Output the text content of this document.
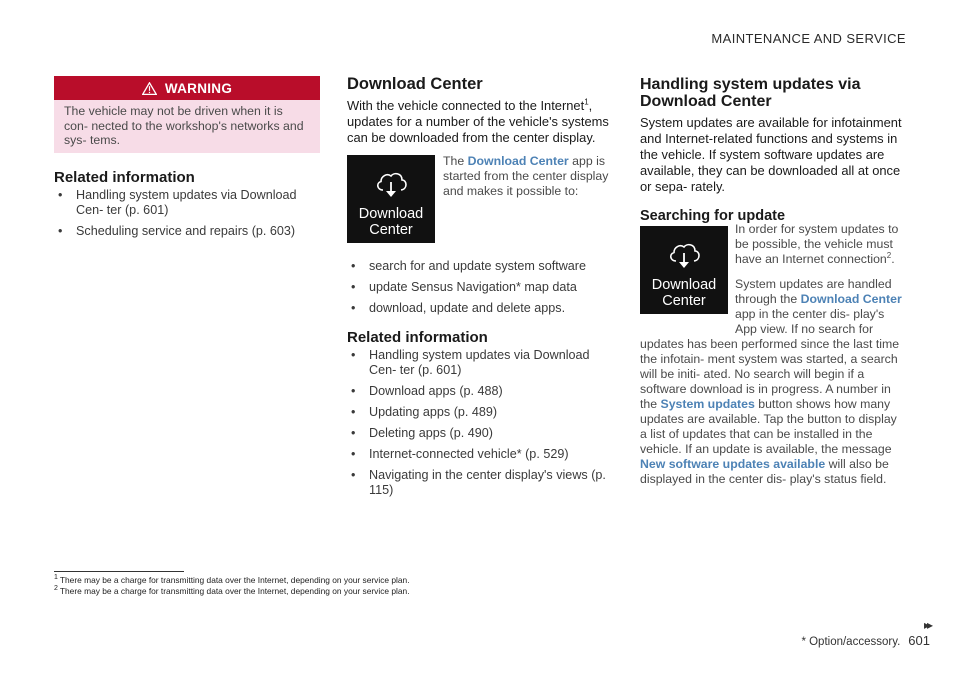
MAINTENANCE AND SERVICE
WARNING
The vehicle may not be driven when it is con- nected to the workshop's networks and sys- tems.
Related information
• Handling system updates via Download Cen- ter (p. 601)
• Scheduling service and repairs (p. 603)
Download Center

With the vehicle connected to the Internet$^1$, updates for a number of the vehicle's systems can be downloaded from the center display.

Download
Center

The Download Center app is started from the center display and makes it possible to:

• search for and update system software
• update Sensus Navigation* map data
• download, update and delete apps.
Related information
• Handling system updates via Download Cen- ter (p. 601)
• Download apps (p. 488)
• Updating apps (p. 489)
• Deleting apps (p. 490)
• Internet-connected vehicle* (p. 529)
• Navigating in the center display's views (p. 115)
Handling system updates via Download Center

System updates are available for infotainment and Internet-related functions and systems in the vehicle. If system software updates are available, they can be downloaded all at once or sepa- rately.

Searching for update
Download
Center

In order for system updates to be possible, the vehicle must have an Internet connection$^2$.

System updates are handled through the Download Center app in the center dis- play's App view. If no search for updates has been performed since the last time the infotain- ment system was started, a search will be initi- ated. No search will begin if a software download is in progress. A number in the System updates button shows how many updates are available. Tap the button to display a list of updates that can be installed in the vehicle. If an update is available, the message New software updates available will also be displayed in the center dis- play's status field.

$^1$ There may be a charge for transmitting data over the Internet, depending on your service plan.
$^2$ There may be a charge for transmitting data over the Internet, depending on your service plan.
▸▸
* Option/accessory. 601
